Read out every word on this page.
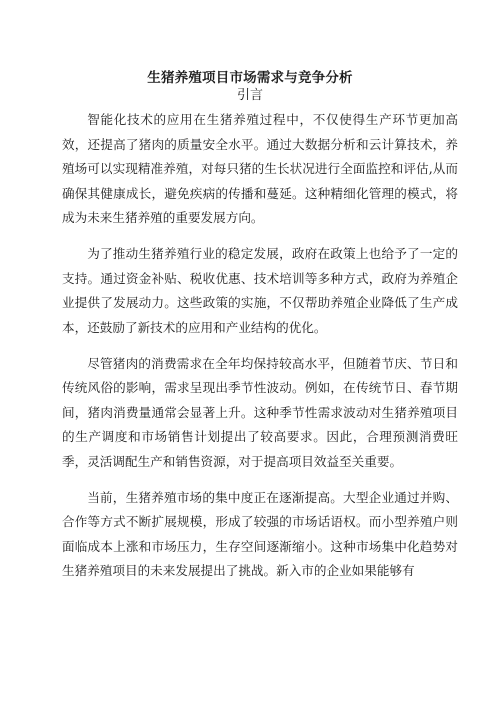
生猪养殖项目市场需求与竞争分析
引言

智能化技术的应用在生猪养殖过程中，不仅使得生产环节更加高效，还提高了猪肉的质量安全水平。通过大数据分析和云计算技术，养殖场可以实现精准养殖，对每只猪的生长状况进行全面监控和评估,从而确保其健康成长，避免疾病的传播和蔓延。这种精细化管理的模式，将成为未来生猪养殖的重要发展方向。

为了推动生猪养殖行业的稳定发展，政府在政策上也给予了一定的支持。通过资金补贴、税收优惠、技术培训等多种方式，政府为养殖企业提供了发展动力。这些政策的实施，不仅帮助养殖企业降低了生产成本，还鼓励了新技术的应用和产业结构的优化。

尽管猪肉的消费需求在全年均保持较高水平，但随着节庆、节日和传统风俗的影响，需求呈现出季节性波动。例如，在传统节日、春节期间，猪肉消费量通常会显著上升。这种季节性需求波动对生猪养殖项目的生产调度和市场销售计划提出了较高要求。因此，合理预测消费旺季，灵活调配生产和销售资源，对于提高项目效益至关重要。

当前，生猪养殖市场的集中度正在逐渐提高。大型企业通过并购、合作等方式不断扩展规模，形成了较强的市场话语权。而小型养殖户则面临成本上涨和市场压力，生存空间逐渐缩小。这种市场集中化趋势对生猪养殖项目的未来发展提出了挑战。新入市的企业如果能够有
